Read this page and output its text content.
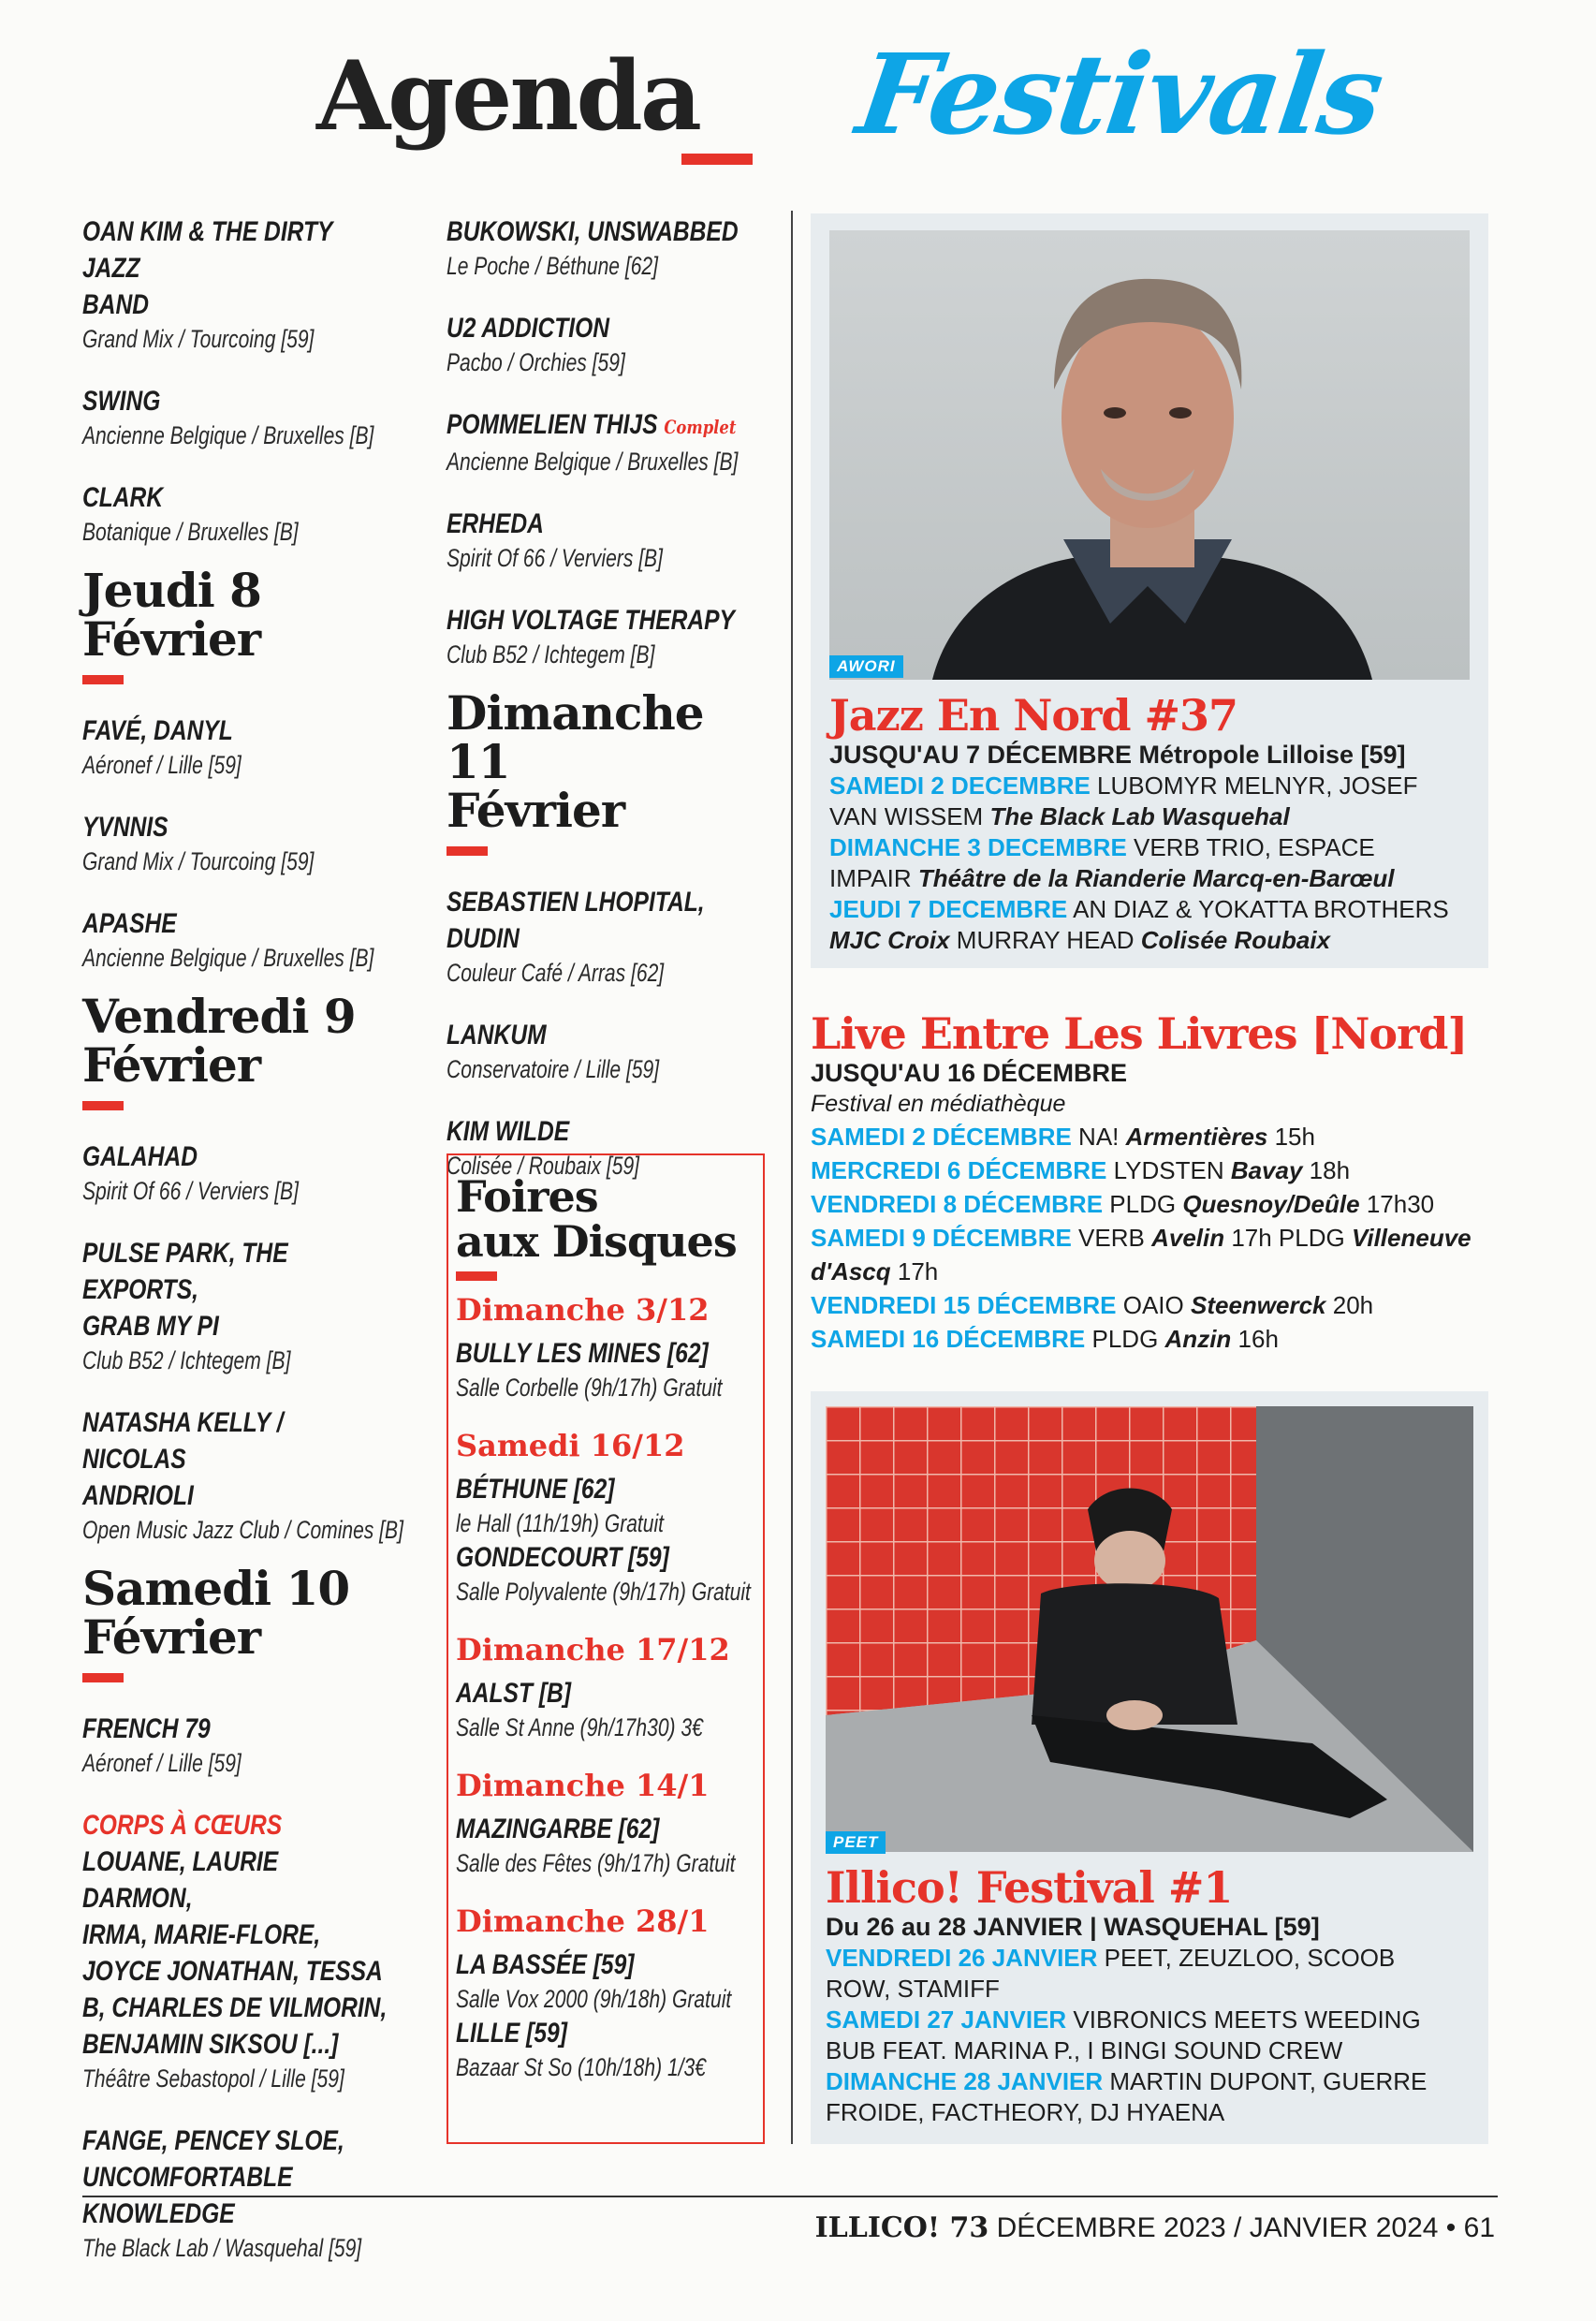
Agenda Festivals
OAN KIM & THE DIRTY JAZZ
BAND
Grand Mix / Tourcoing [59]
SWING
Ancienne Belgique / Bruxelles [B]
CLARK
Botanique / Bruxelles [B]
Jeudi 8
Février
FAVÉ, DANYL
Aéronef / Lille [59]
YVNNIS
Grand Mix / Tourcoing [59]
APASHE
Ancienne Belgique / Bruxelles [B]
Vendredi 9
Février
GALAHAD
Spirit Of 66 / Verviers [B]
PULSE PARK, THE EXPORTS,
GRAB MY PI
Club B52 / Ichtegem [B]
NATASHA KELLY / NICOLAS
ANDRIOLI
Open Music Jazz Club / Comines [B]
Samedi 10
Février
FRENCH 79
Aéronef / Lille [59]
CORPS À CŒURS
LOUANE, LAURIE DARMON,
IRMA, MARIE-FLORE,
JOYCE JONATHAN, TESSA
B, CHARLES DE VILMORIN,
BENJAMIN SIKSOU [...]
Théâtre Sebastopol / Lille [59]
FANGE, PENCEY SLOE,
UNCOMFORTABLE
KNOWLEDGE
The Black Lab / Wasquehal [59]
BUKOWSKI, UNSWABBED
Le Poche / Béthune [62]
U2 ADDICTION
Pacbo / Orchies [59]
POMMELIEN THIJS Complet
Ancienne Belgique / Bruxelles [B]
ERHEDA
Spirit Of 66 / Verviers [B]
HIGH VOLTAGE THERAPY
Club B52 / Ichtegem [B]
Dimanche 11
Février
SEBASTIEN LHOPITAL, DUDIN
Couleur Café / Arras [62]
LANKUM
Conservatoire / Lille [59]
KIM WILDE
Colisée / Roubaix [59]
Foires
aux Disques
Dimanche 3/12
BULLY LES MINES [62]
Salle Corbelle (9h/17h) Gratuit
Samedi 16/12
BÉTHUNE [62]
le Hall (11h/19h) Gratuit
GONDECOURT [59]
Salle Polyvalente (9h/17h) Gratuit
Dimanche 17/12
AALST [B]
Salle St Anne (9h/17h30) 3€
Dimanche 14/1
MAZINGARBE [62]
Salle des Fêtes (9h/17h) Gratuit
Dimanche 28/1
LA BASSÉE [59]
Salle Vox 2000 (9h/18h) Gratuit
LILLE [59]
Bazaar St So (10h/18h) 1/3€
AWORI
Jazz En Nord #37
JUSQU'AU 7 DÉCEMBRE Métropole Lilloise [59]
SAMEDI 2 DECEMBRE LUBOMYR MELNYR, JOSEF
VAN WISSEM The Black Lab Wasquehal
DIMANCHE 3 DECEMBRE VERB TRIO, ESPACE
IMPAIR Théâtre de la Rianderie Marcq-en-Barœul
JEUDI 7 DECEMBRE AN DIAZ & YOKATTA BROTHERS
MJC Croix MURRAY HEAD Colisée Roubaix
Live Entre Les Livres [Nord]
JUSQU'AU 16 DÉCEMBRE
Festival en médiathèque
SAMEDI 2 DÉCEMBRE NA! Armentières 15h
MERCREDI 6 DÉCEMBRE LYDSTEN Bavay 18h
VENDREDI 8 DÉCEMBRE PLDG Quesnoy/Deûle 17h30
SAMEDI 9 DÉCEMBRE VERB Avelin 17h PLDG Villeneuve
d'Ascq 17h
VENDREDI 15 DÉCEMBRE OAIO Steenwerck 20h
SAMEDI 16 DÉCEMBRE PLDG Anzin 16h
PEET
Illico! Festival #1
Du 26 au 28 JANVIER | WASQUEHAL [59]
VENDREDI 26 JANVIER PEET, ZEUZLOO, SCOOB
ROW, STAMIFF
SAMEDI 27 JANVIER VIBRONICS MEETS WEEDING
BUB FEAT. MARINA P., I BINGI SOUND CREW
DIMANCHE 28 JANVIER MARTIN DUPONT, GUERRE
FROIDE, FACTHEORY, DJ HYAENA
ILLICO! 73 DÉCEMBRE 2023 / JANVIER 2024 • 61
